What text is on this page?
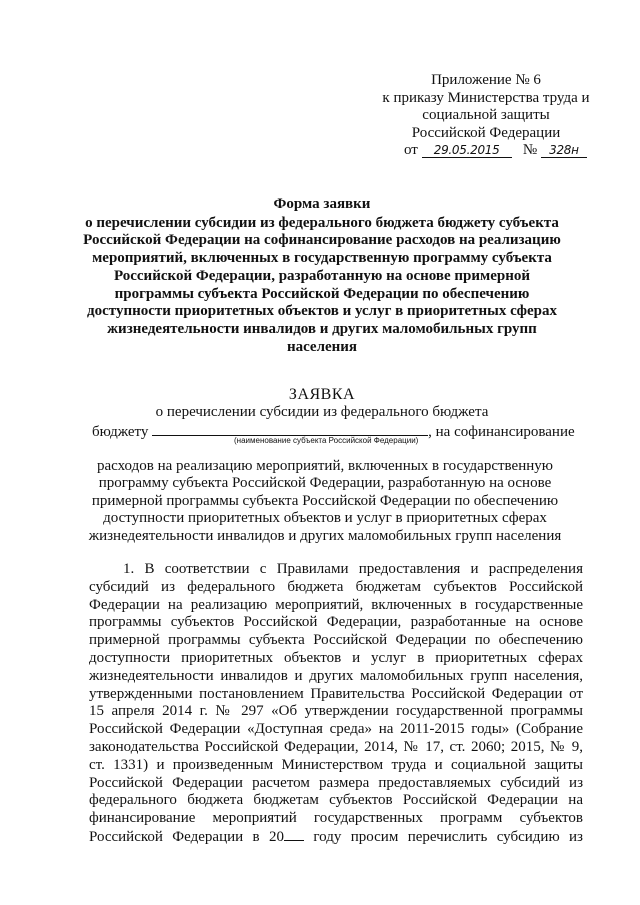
Приложение № 6
к приказу Министерства труда и
социальной защиты
Российской Федерации
от 29.05.2015 № 328н
Форма заявки
о перечислении субсидии из федерального бюджета бюджету субъекта
Российской Федерации на софинансирование расходов на реализацию
мероприятий, включенных в государственную программу субъекта
Российской Федерации, разработанную на основе примерной
программы субъекта Российской Федерации по обеспечению
доступности приоритетных объектов и услуг в приоритетных сферах
жизнедеятельности инвалидов и других маломобильных групп
населения
ЗАЯВКА
о перечислении субсидии из федерального бюджета
бюджету	, на софинансирование
(наименование субъекта Российской Федерации)
расходов на реализацию мероприятий, включенных в государственную
программу субъекта Российской Федерации, разработанную на основе
примерной программы субъекта Российской Федерации по обеспечению
доступности приоритетных объектов и услуг в приоритетных сферах
жизнедеятельности инвалидов и других маломобильных групп населения
1. В соответствии с Правилами предоставления и распределения
субсидий из федерального бюджета бюджетам субъектов Российской
Федерации на реализацию мероприятий, включенных в государственные
программы субъектов Российской Федерации, разработанные на основе
примерной программы субъекта Российской Федерации по обеспечению
доступности приоритетных объектов и услуг в приоритетных сферах
жизнедеятельности инвалидов и других маломобильных групп населения,
утвержденными постановлением Правительства Российской Федерации от
15 апреля 2014 г. № 297 «Об утверждении государственной программы
Российской Федерации «Доступная среда» на 2011-2015 годы» (Собрание
законодательства Российской Федерации, 2014, № 17, ст. 2060; 2015, № 9,
ст. 1331) и произведенным Министерством труда и социальной защиты
Российской Федерации расчетом размера предоставляемых субсидий из
федерального бюджета бюджетам субъектов Российской Федерации на
финансирование мероприятий государственных программ субъектов
Российской Федерации в 20 году просим перечислить субсидию из
